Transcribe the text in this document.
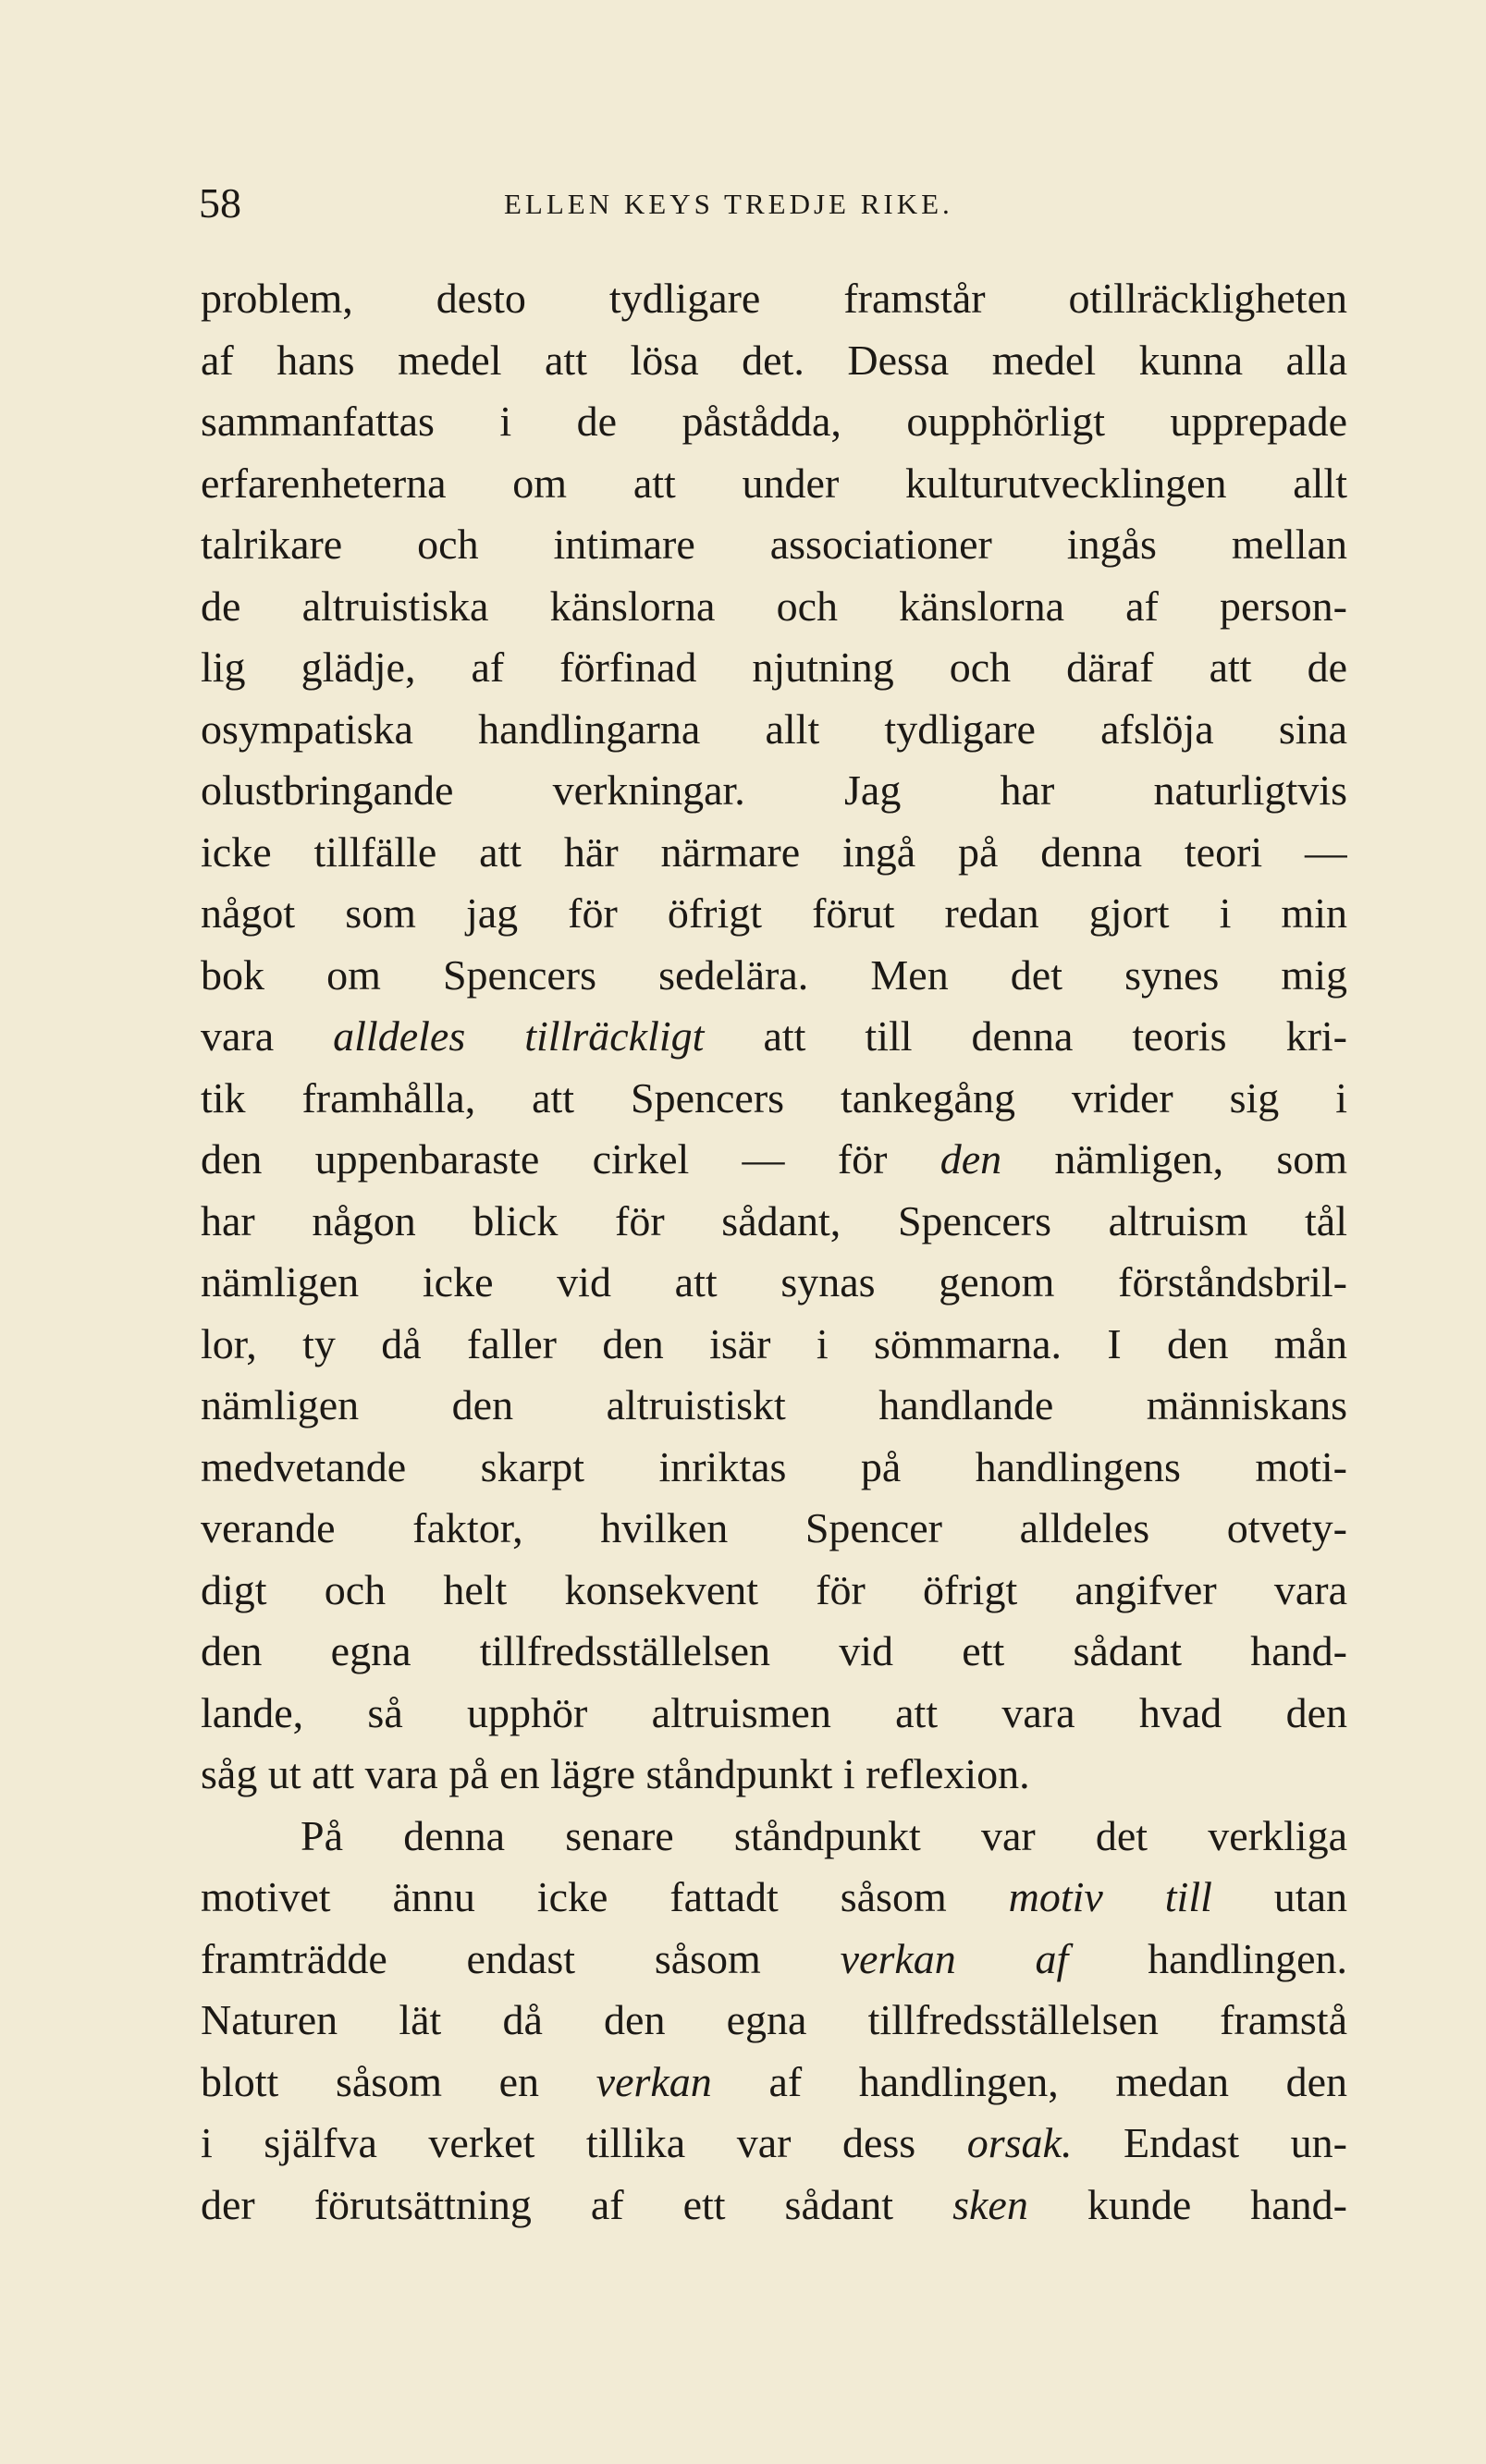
58	ELLEN KEYS TREDJE RIKE.
problem, desto tydligare framstår otillräckligheten
af hans medel att lösa det. Dessa medel kunna alla
sammanfattas i de påstådda, oupphörligt upprepade
erfarenheterna om att under kulturutvecklingen allt
talrikare och intimare associationer ingås mellan
de altruistiska känslorna och känslorna af person-
lig glädje, af förfinad njutning och däraf att de
osympatiska handlingarna allt tydligare afslöja sina
olustbringande verkningar. Jag har naturligtvis
icke tillfälle att här närmare ingå på denna teori —
något som jag för öfrigt förut redan gjort i min
bok om Spencers sedelära. Men det synes mig
vara alldeles tillräckligt att till denna teoris kri-
tik framhålla, att Spencers tankegång vrider sig i
den uppenbaraste cirkel — för den nämligen, som
har någon blick för sådant, Spencers altruism tål
nämligen icke vid att synas genom förståndsbril-
lor, ty då faller den isär i sömmarna. I den mån
nämligen den altruistiskt handlande människans
medvetande skarpt inriktas på handlingens moti-
verande faktor, hvilken Spencer alldeles otvety-
digt och helt konsekvent för öfrigt angifver vara
den egna tillfredsställelsen vid ett sådant hand-
lande, så upphör altruismen att vara hvad den
såg ut att vara på en lägre ståndpunkt i reflexion.
På denna senare ståndpunkt var det verkliga
motivet ännu icke fattadt såsom motiv till utan
framträdde endast såsom verkan af handlingen.
Naturen lät då den egna tillfredsställelsen framstå
blott såsom en verkan af handlingen, medan den
i själfva verket tillika var dess orsak. Endast un-
der förutsättning af ett sådant sken kunde hand-
